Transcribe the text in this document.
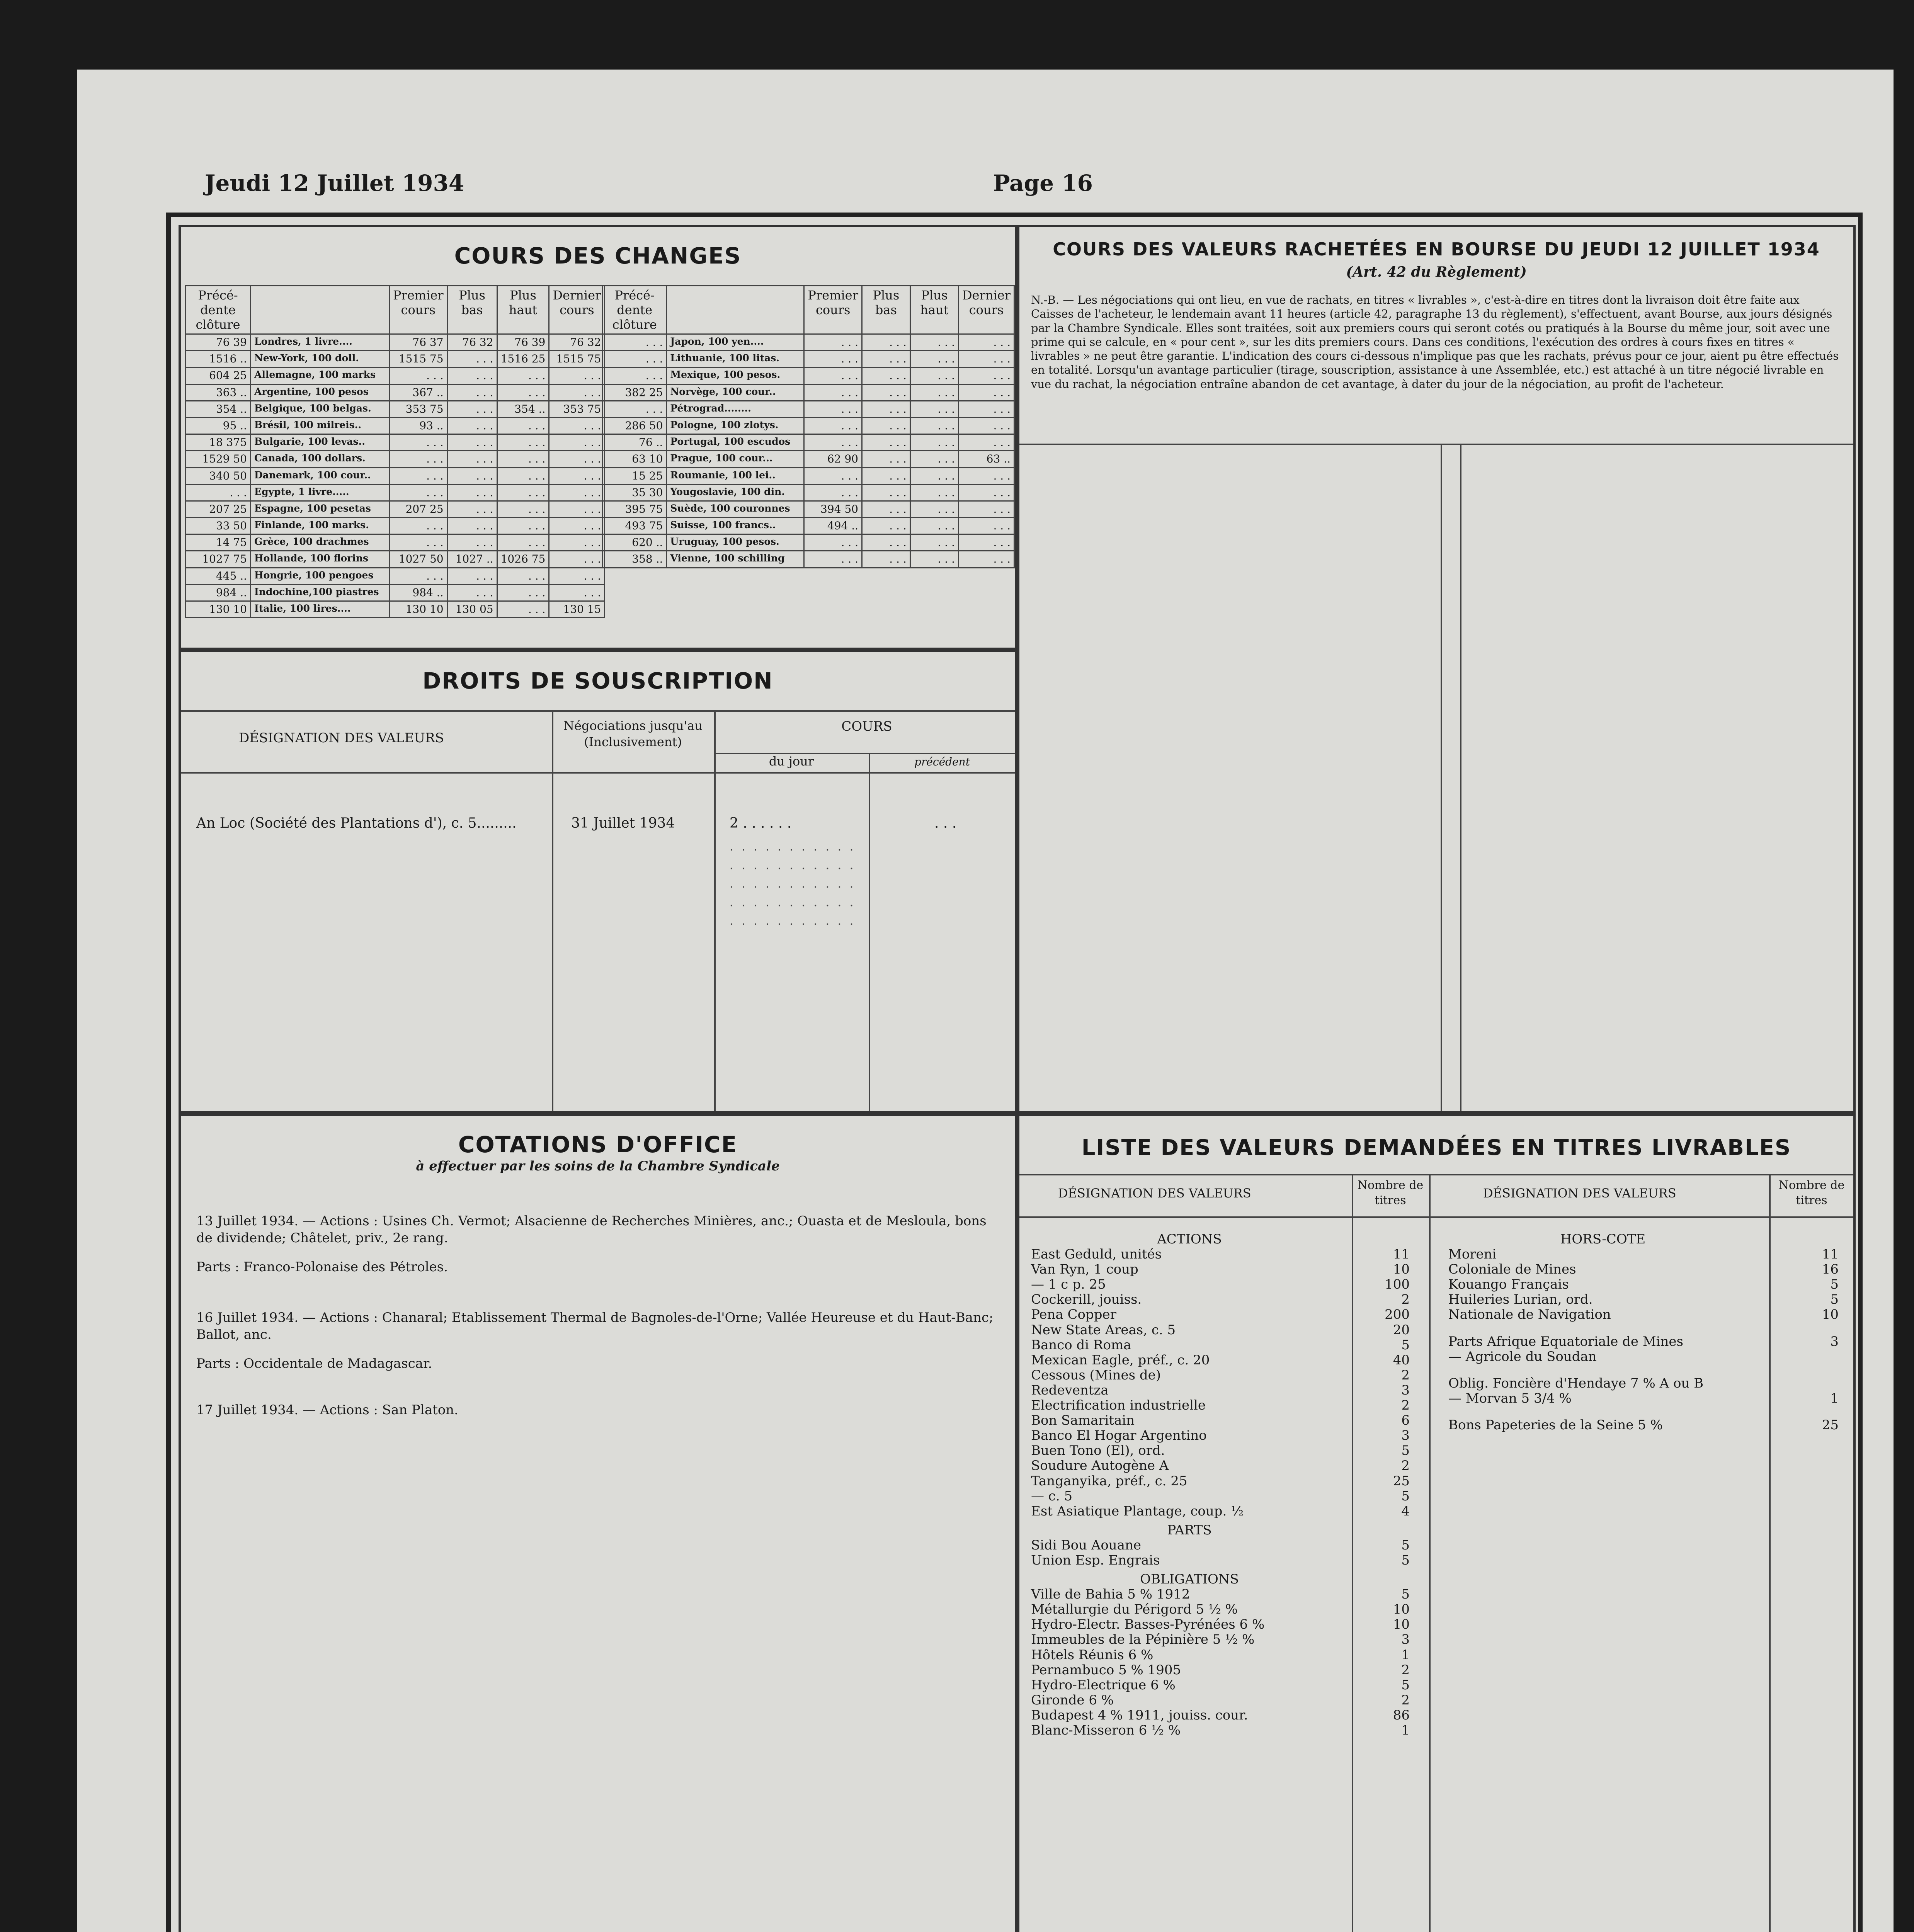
Jeudi 12 Juillet 1934	Page 16
COURS DES CHANGES
Précé-dente clôture		Premier cours	Plus bas	Plus haut	Dernier cours
76 39	Londres, 1 livre....	76 37	76 32	76 39	76 32
1516 ..	New-York, 100 doll.	1515 75	. . .	1516 25	1515 75
604 25	Allemagne, 100 marks	. . .	. . .	. . .	. . .
363 ..	Argentine, 100 pesos	367 ..	. . .	. . .	. . .
354 ..	Belgique, 100 belgas.	353 75	. . .	354 ..	353 75
95 ..	Brésil, 100 milreis..	93 ..	. . .	. . .	. . .
18 375	Bulgarie, 100 levas..	. . .	. . .	. . .	. . .
1529 50	Canada, 100 dollars.	. . .	. . .	. . .	. . .
340 50	Danemark, 100 cour..	. . .	. . .	. . .	. . .
. . .	Egypte, 1 livre.....	. . .	. . .	. . .	. . .
207 25	Espagne, 100 pesetas	207 25	. . .	. . .	. . .
33 50	Finlande, 100 marks.	. . .	. . .	. . .	. . .
14 75	Grèce, 100 drachmes	. . .	. . .	. . .	. . .
1027 75	Hollande, 100 florins	1027 50	1027 ..	1026 75	. . .
445 ..	Hongrie, 100 pengoes	. . .	. . .	. . .	. . .
984 ..	Indochine,100 piastres	984 ..	. . .	. . .	. . .
130 10	Italie, 100 lires....	130 10	130 05	. . .	130 15
Précé-dente clôture		Premier cours	Plus bas	Plus haut	Dernier cours
. . .	Japon, 100 yen....	. . .	. . .	. . .	. . .
. . .	Lithuanie, 100 litas.	. . .	. . .	. . .	. . .
. . .	Mexique, 100 pesos.	. . .	. . .	. . .	. . .
382 25	Norvège, 100 cour..	. . .	. . .	. . .	. . .
. . .	Pétrograd........	. . .	. . .	. . .	. . .
286 50	Pologne, 100 zlotys.	. . .	. . .	. . .	. . .
76 ..	Portugal, 100 escudos	. . .	. . .	. . .	. . .
63 10	Prague, 100 cour...	62 90	. . .	. . .	63 ..
15 25	Roumanie, 100 lei..	. . .	. . .	. . .	. . .
35 30	Yougoslavie, 100 din.	. . .	. . .	. . .	. . .
395 75	Suède, 100 couronnes	394 50	. . .	. . .	. . .
493 75	Suisse, 100 francs..	494 ..	. . .	. . .	. . .
620 ..	Uruguay, 100 pesos.	. . .	. . .	. . .	. . .
358 ..	Vienne, 100 schilling	. . .	. . .	. . .	. . .
DROITS DE SOUSCRIPTION
DÉSIGNATION DES VALEURS
Négociations jusqu'au (Inclusivement)
COURS
du jour	précédent
An Loc (Société des Plantations d'), c. 5.........	31 Juillet 1934	2 . . . . . .	. . .
. . . . . . . . . . .
. . . . . . . . . . .
. . . . . . . . . . .
. . . . . . . . . . .
. . . . . . . . . . .
COURS DES VALEURS RACHETÉES EN BOURSE DU JEUDI 12 JUILLET 1934
(Art. 42 du Règlement)
N.-B. — Les négociations qui ont lieu, en vue de rachats, en titres « livrables », c'est-à-dire en titres dont la livraison doit être faite aux Caisses de l'acheteur, le lendemain avant 11 heures (article 42, paragraphe 13 du règlement), s'effectuent, avant Bourse, aux jours désignés par la Chambre Syndicale. Elles sont traitées, soit aux premiers cours qui seront cotés ou pratiqués à la Bourse du même jour, soit avec une prime qui se calcule, en « pour cent », sur les dits premiers cours. Dans ces conditions, l'exécution des ordres à cours fixes en titres « livrables » ne peut être garantie. L'indication des cours ci-dessous n'implique pas que les rachats, prévus pour ce jour, aient pu être effectués en totalité. Lorsqu'un avantage particulier (tirage, souscription, assistance à une Assemblée, etc.) est attaché à un titre négocié livrable en vue du rachat, la négociation entraîne abandon de cet avantage, à dater du jour de la négociation, au profit de l'acheteur.
COTATIONS D'OFFICE
à effectuer par les soins de la Chambre Syndicale
13 Juillet 1934. — Actions : Usines Ch. Vermot; Alsacienne de Recherches Minières, anc.; Ouasta et de Mesloula, bons de dividende; Châtelet, priv., 2e rang.
Parts : Franco-Polonaise des Pétroles.
16 Juillet 1934. — Actions : Chanaral; Etablissement Thermal de Bagnoles-de-l'Orne; Vallée Heureuse et du Haut-Banc; Ballot, anc.
Parts : Occidentale de Madagascar.
17 Juillet 1934. — Actions : San Platon.
LISTE DES VALEURS DEMANDÉES EN TITRES LIVRABLES
DÉSIGNATION DES VALEURS
Nombre de titres	DÉSIGNATION DES VALEURS
Nombre de titres
ACTIONS
East Geduld, unités	11
Van Ryn, 1 coup	10
— 1 c p. 25	100
Cockerill, jouiss.	2
Pena Copper	200
New State Areas, c. 5	20
Banco di Roma	5
Mexican Eagle, préf., c. 20	40
Cessous (Mines de)	2
Redeventza	3
Electrification industrielle	2
Bon Samaritain	6
Banco El Hogar Argentino	3
Buen Tono (El), ord.	5
Soudure Autogène A	2
Tanganyika, préf., c. 25	25
— c. 5	5
Est Asiatique Plantage, coup. ½	4
PARTS
Sidi Bou Aouane	5
Union Esp. Engrais	5
OBLIGATIONS
Ville de Bahia 5 % 1912	5
Métallurgie du Périgord 5 ½ %	10
Hydro-Electr. Basses-Pyrénées 6 %	10
Immeubles de la Pépinière 5 ½ %	3
Hôtels Réunis 6 %	1
Pernambuco 5 % 1905	2
Hydro-Electrique 6 %	5
Gironde 6 %	2
Budapest 4 % 1911, jouiss. cour.	86
Blanc-Misseron 6 ½ %	1
HORS-COTE
Moreni	11
Coloniale de Mines	16
Kouango Français	5
Huileries Lurian, ord.	5
Nationale de Navigation	10
Parts Afrique Equatoriale de Mines	3
— Agricole du Soudan
Oblig. Foncière d'Hendaye 7 % A ou B
— Morvan 5 3/4 %	1
Bons Papeteries de la Seine 5 %	25
